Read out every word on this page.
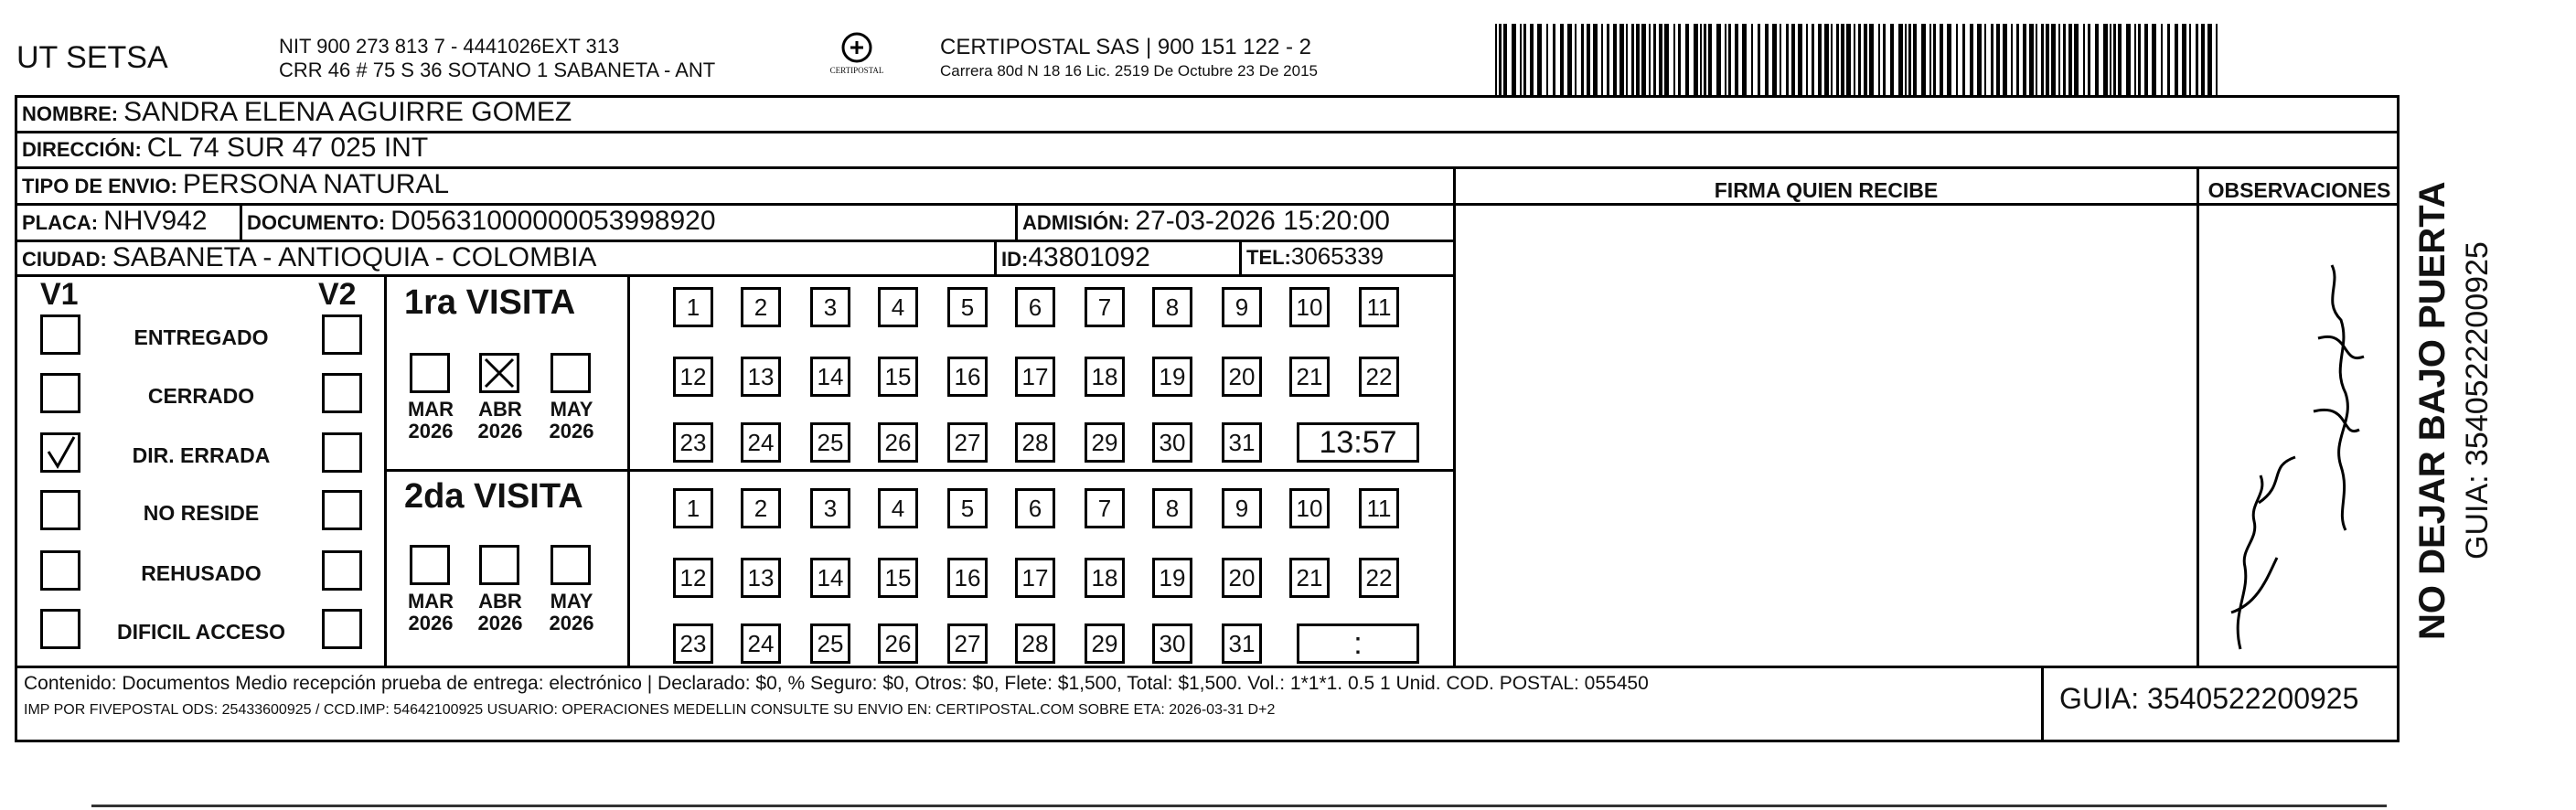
UT SETSA	NIT 900 273 813 7 - 4441026EXT 313
CRR 46 # 75 S 36 SOTANO 1 SABANETA - ANT	CERTIPOSTAL
CERTIPOSTAL SAS | 900 151 122 - 2
Carrera 80d N 18 16 Lic. 2519 De Octubre 23 De 2015
NOMBRE: SANDRA ELENA AGUIRRE GOMEZ
DIRECCIÓN: CL 74 SUR 47 025 INT
TIPO DE ENVIO: PERSONA NATURAL
PLACA: NHV942 DOCUMENTO: D05631000000053998920	ADMISIÓN: 27-03-2026 15:20:00
CIUDAD: SABANETA - ANTIOQUIA - COLOMBIA	ID:43801092	TEL:3065339
FIRMA QUIEN RECIBE	OBSERVACIONES
V1	V2
ENTREGADO
CERRADO
DIR. ERRADA
NO RESIDE
REHUSADO
DIFICIL ACCESO
1ra VISITA
MAR
2026
ABR
2026
MAY
2026
1	2	3	4	5	6	7	8	9	10	11
12 13 14 15 16 17 18 19 20 21 22
23 24 25 26 27 28 29 30 31	13:57
2da VISITA
MAR
2026
ABR
2026
MAY
2026
1	2	3	4	5	6	7	8	9	10	11
12 13 14 15 16 17 18 19 20 21 22
23 24 25 26 27 28 29 30 31	:
Contenido: Documentos Medio recepción prueba de entrega: electrónico | Declarado: $0, % Seguro: $0, Otros: $0, Flete: $1,500, Total: $1,500. Vol.: 1*1*1. 0.5 1 Unid. COD. POSTAL: 055450
IMP POR FIVEPOSTAL ODS: 25433600925 / CCD.IMP: 54642100925 USUARIO: OPERACIONES MEDELLIN CONSULTE SU ENVIO EN: CERTIPOSTAL.COM SOBRE ETA: 2026-03-31 D+2	GUIA: 3540522200925
NO DEJAR BAJO PUERTA GUIA: 3540522200925
